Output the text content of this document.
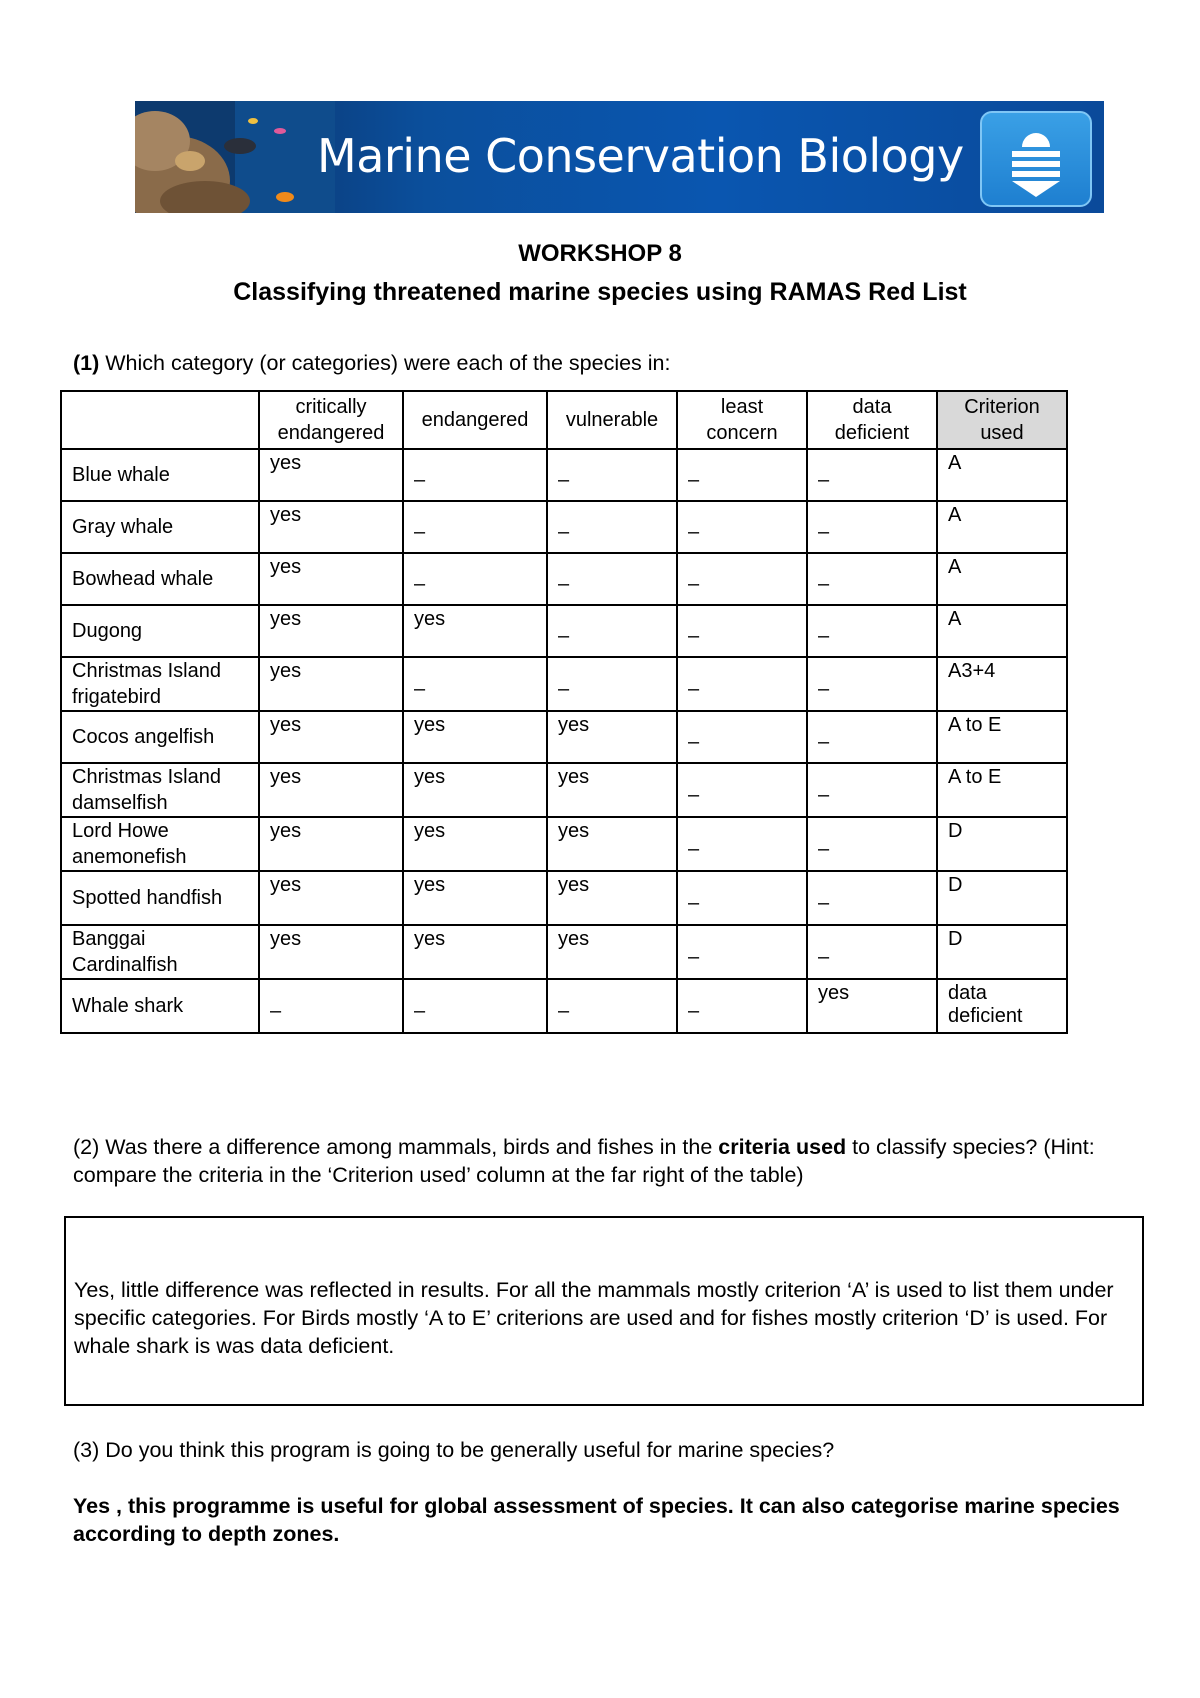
Marine Conservation Biology
WORKSHOP 8
Classifying threatened marine species using RAMAS Red List
(1) Which category (or categories) were each of the species in:
	critically endangered	endangered	vulnerable	least concern	data deficient	Criterion used
Blue whale	yes	–	–	–	–	A
Gray whale	yes	–	–	–	–	A
Bowhead whale	yes	–	–	–	–	A
Dugong	yes	yes	–	–	–	A
Christmas Island frigatebird	yes	–	–	–	–	A3+4
Cocos angelfish	yes	yes	yes	–	–	A to E
Christmas Island damselfish	yes	yes	yes	–	–	A to E
Lord Howe anemonefish	yes	yes	yes	–	–	D
Spotted handfish	yes	yes	yes	–	–	D
Banggai Cardinalfish	yes	yes	yes	–	–	D
Whale shark	–	–	–	–	yes	data deficient
(2) Was there a difference among mammals, birds and fishes in the criteria used to classify species? (Hint: compare the criteria in the ‘Criterion used’ column at the far right of the table)
Yes, little difference was reflected in results. For all the mammals mostly criterion ‘A’ is used to list them under specific categories. For Birds mostly ‘A to E’ criterions are used and for fishes mostly criterion ‘D’ is used. For whale shark is was data deficient.
(3) Do you think this program is going to be generally useful for marine species?
Yes , this programme is useful for global assessment of species. It can also categorise marine species according to depth zones.
